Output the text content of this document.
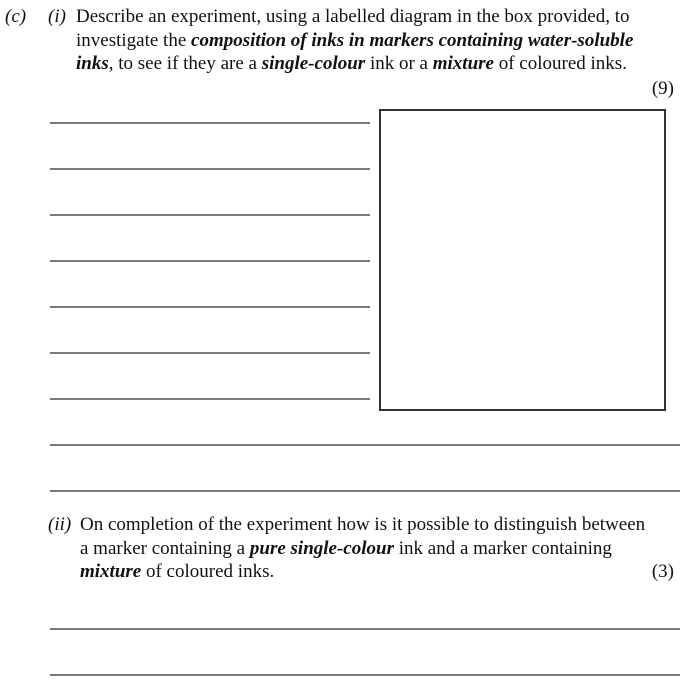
(c) (i) Describe an experiment, using a labelled diagram in the box provided, to
investigate the composition of inks in markers containing water-soluble
inks, to see if they are a single-colour ink or a mixture of coloured inks.
(9)
(ii) On completion of the experiment how is it possible to distinguish between
a marker containing a pure single-colour ink and a marker containing
mixture of coloured inks.	(3)
